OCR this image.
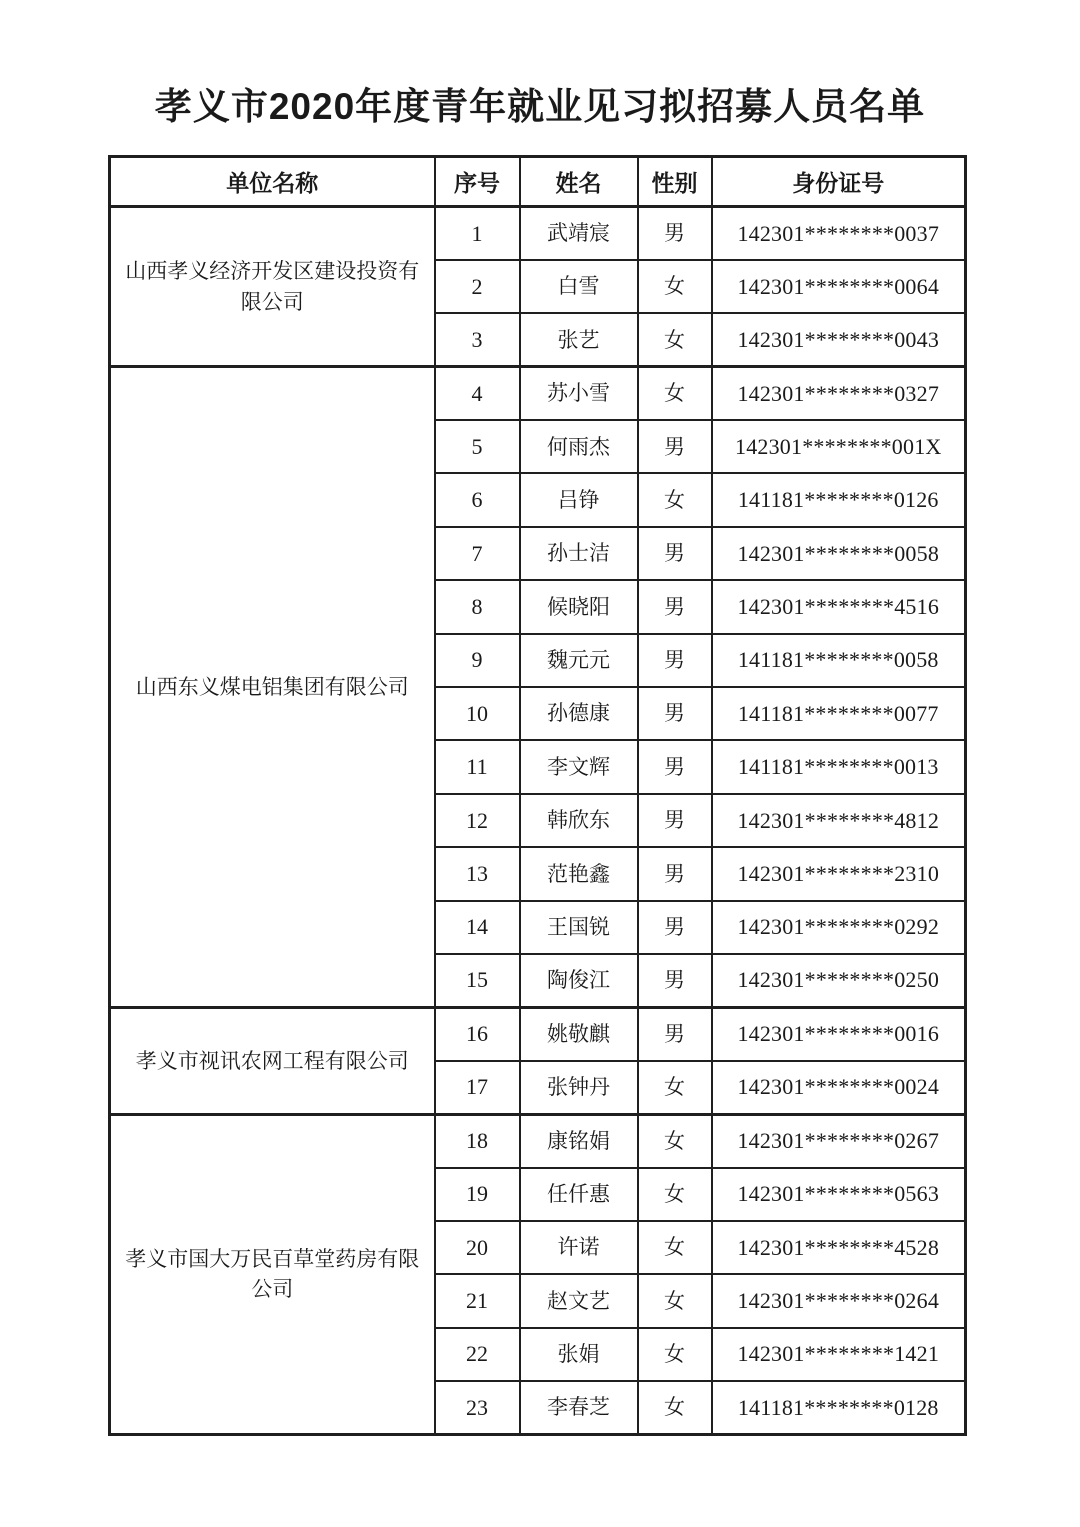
孝义市2020年度青年就业见习拟招募人员名单
单位名称	序号	姓名	性别	身份证号
山西孝义经济开发区建设投资有限公司	1	武靖宸	男	142301********0037
	2	白雪	女	142301********0064
	3	张艺	女	142301********0043
山西东义煤电铝集团有限公司	4	苏小雪	女	142301********0327
	5	何雨杰	男	142301********001X
	6	吕铮	女	141181********0126
	7	孙士洁	男	142301********0058
	8	候晓阳	男	142301********4516
	9	魏元元	男	141181********0058
	10	孙德康	男	141181********0077
	11	李文辉	男	141181********0013
	12	韩欣东	男	142301********4812
	13	范艳鑫	男	142301********2310
	14	王国锐	男	142301********0292
	15	陶俊江	男	142301********0250
孝义市视讯农网工程有限公司	16	姚敬麒	男	142301********0016
	17	张钟丹	女	142301********0024
孝义市国大万民百草堂药房有限公司	18	康铭娟	女	142301********0267
	19	任仟惠	女	142301********0563
	20	许诺	女	142301********4528
	21	赵文艺	女	142301********0264
	22	张娟	女	142301********1421
	23	李春芝	女	141181********0128
